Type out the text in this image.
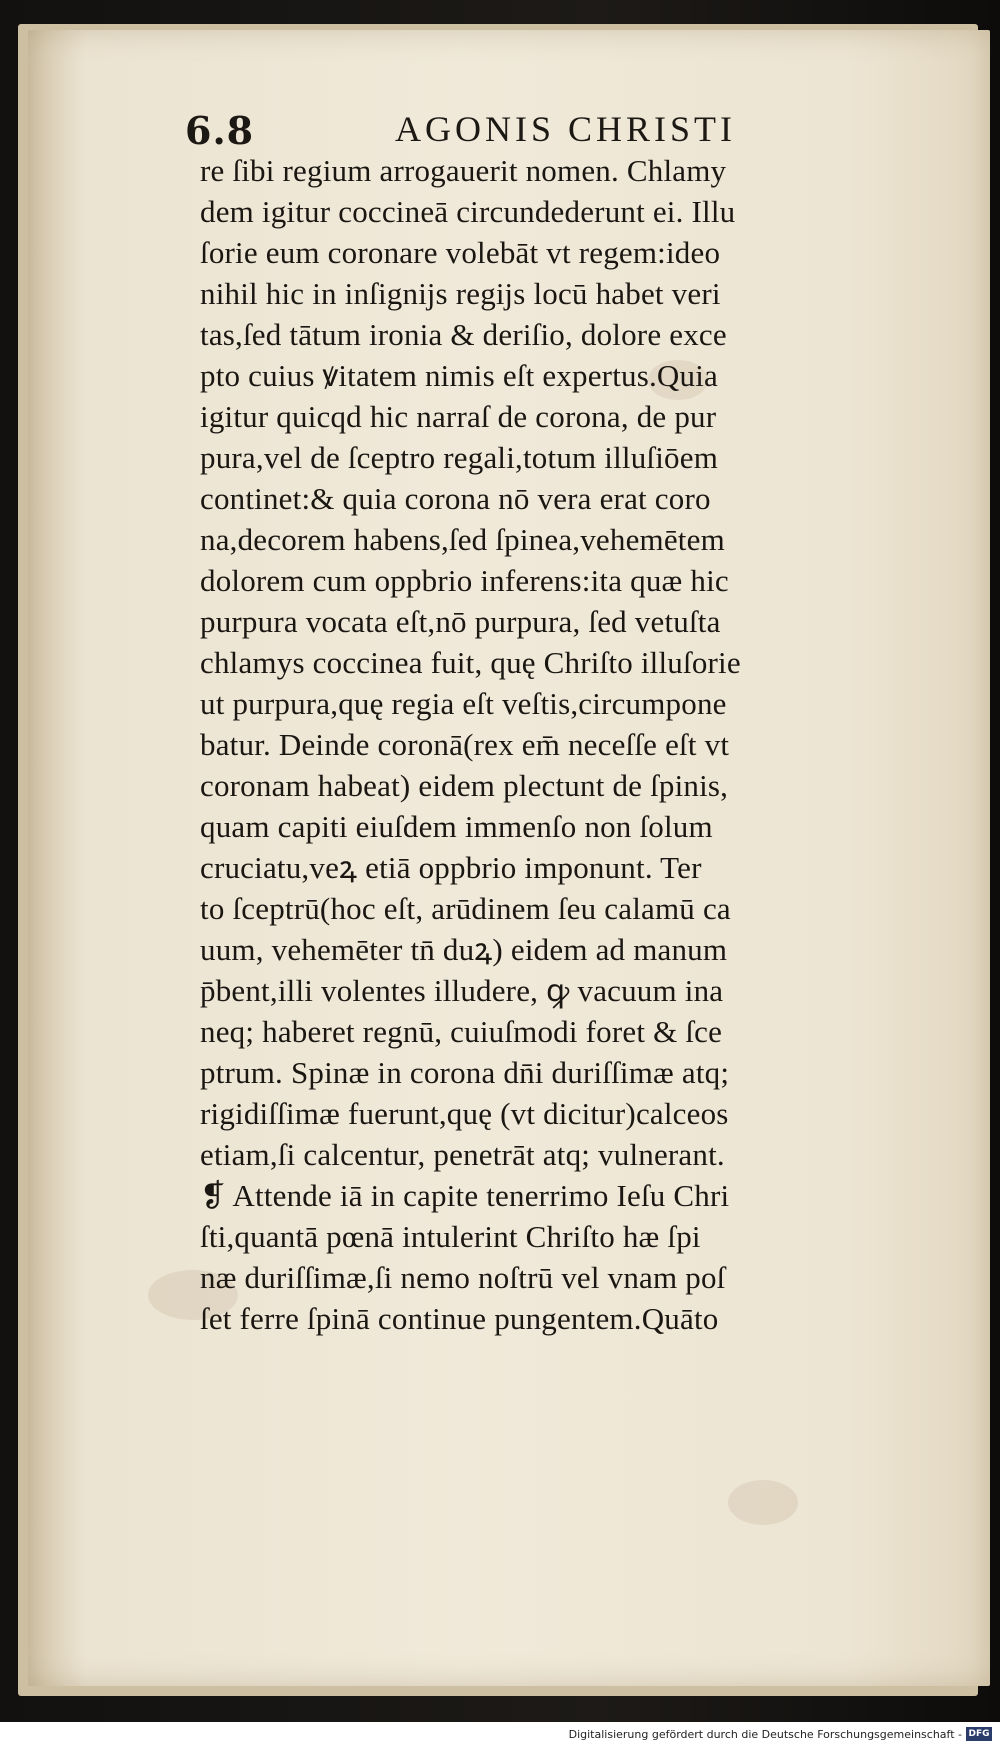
6.8	AGONIS CHRISTI
re ſibi regium arrogauerit nomen. Chlamy
dem igitur coccineā circundederunt ei. Illu
ſorie eum coronare volebāt vt regem:ideo
nihil hic in inſignĳs regĳs locū habet veri
tas,ſed tātum ironia & deriſio, dolore exce
pto cuius ꝟitatem nimis eſt expertus.Quia
igitur quicqd hic narraſ de corona, de pur
pura,vel de ſceptro regali,totum illuſiōem
continet:& quia corona nō vera erat coro
na,decorem habens,ſed ſpinea,vehemētem
dolorem cum oppbrio inferens:ita quæ hic
purpura vocata eſt,nō purpura, ſed vetuſta
chlamys coccinea fuit, quę Chriſto illuſorie
ut purpura,quę regia eſt veſtis,circumpone
batur. Deinde coronā(rex em̄ neceſſe eſt vt
coronam habeat) eidem plectunt de ſpinis,
quam capiti eiuſdem immenſo non ſolum
cruciatu,veꝝ etiā oppbrio imponunt. Ter
to ſceptrū(hoc eſt, arūdinem ſeu calamū ca
uum, vehemēter tn̄ duꝝ) eidem ad manum
p̄bent,illi volentes illudere, ꝙ vacuum ina
neq; haberet regnū, cuiuſmodi foret & ſce
ptrum. Spinæ in corona dn̄i duriſſimæ atq;
rigidiſſimæ fuerunt,quę (vt dicitur)calceos
etiam,ſi calcentur, penetrāt atq; vulnerant.
❡ Attende iā in capite tenerrimo Ieſu Chri
ſti,quantā pœnā intulerint Chriſto hæ ſpi
næ duriſſimæ,ſi nemo noſtrū vel vnam poſ
ſet ferre ſpinā continue pungentem.Quāto
Digitalisierung gefördert durch die Deutsche Forschungsgemeinschaft - DFG
